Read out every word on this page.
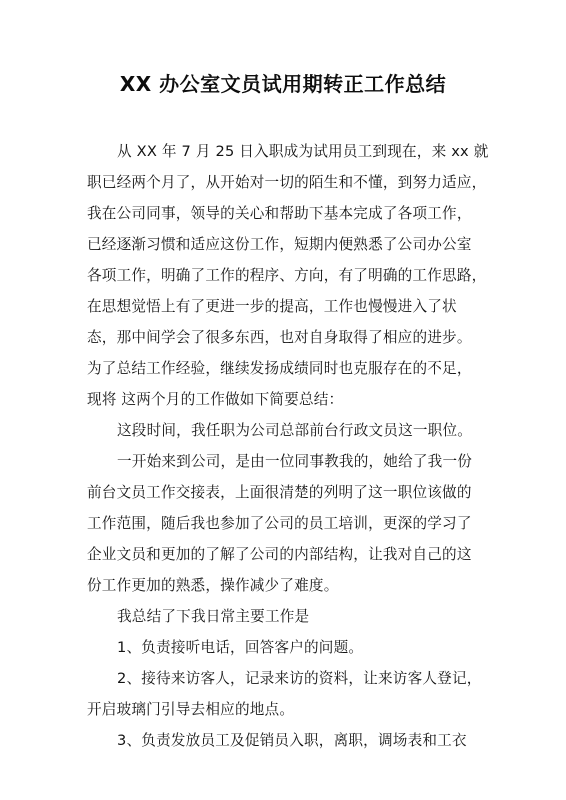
XX 办公室文员试用期转正工作总结
从 XX 年 7 月 25 日入职成为试用员工到现在，来 xx 就
职已经两个月了，从开始对一切的陌生和不懂，到努力适应，
我在公司同事，领导的关心和帮助下基本完成了各项工作，
已经逐渐习惯和适应这份工作，短期内便熟悉了公司办公室
各项工作，明确了工作的程序、方向，有了明确的工作思路，
在思想觉悟上有了更进一步的提高，工作也慢慢进入了状
态，那中间学会了很多东西，也对自身取得了相应的进步。
为了总结工作经验，继续发扬成绩同时也克服存在的不足，
现将 这两个月的工作做如下简要总结：
这段时间，我任职为公司总部前台行政文员这一职位。
一开始来到公司，是由一位同事教我的，她给了我一份
前台文员工作交接表，上面很清楚的列明了这一职位该做的
工作范围，随后我也参加了公司的员工培训，更深的学习了
企业文员和更加的了解了公司的内部结构，让我对自己的这
份工作更加的熟悉，操作减少了难度。
我总结了下我日常主要工作是
1、负责接听电话，回答客户的问题。
2、接待来访客人，记录来访的资料，让来访客人登记，
开启玻璃门引导去相应的地点。
3、负责发放员工及促销员入职，离职，调场表和工衣
